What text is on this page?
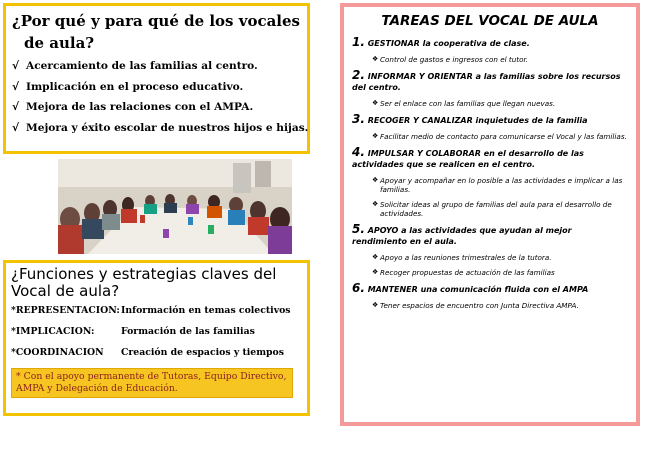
¿Por qué y para qué de los vocales
de aula?
√ Acercamiento de las familias al centro.
√ Implicación en el proceso educativo.
√ Mejora de las relaciones con el AMPA.
√ Mejora y éxito escolar de nuestros hijos e hijas.
¿Funciones y estrategias claves del
Vocal de aula?
*REPRESENTACION: Información en temas colectivos
*IMPLICACION:	Formación de las familias
*COORDINACION	Creación de espacios y tiempos
* Con el apoyo permanente de Tutoras, Equipo Directivo, AMPA y Delegación de Educación.
TAREAS DEL VOCAL DE AULA
1. GESTIONAR la cooperativa de clase.
❖ Control de gastos e ingresos con el tutor.
2. INFORMAR Y ORIENTAR a las familias sobre los recursos del centro.
❖ Ser el enlace con las familias que llegan nuevas.
3. RECOGER Y CANALIZAR inquietudes de la familia
❖ Facilitar medio de contacto para comunicarse el Vocal y las familias.
4. IMPULSAR Y COLABORAR en el desarrollo de las actividades que se realicen en el centro.
❖ Apoyar y acompañar en lo posible a las actividades e implicar a las familias.
❖ Solicitar ideas al grupo de familias del aula para el desarrollo de actividades.
5. APOYO a las actividades que ayudan al mejor rendimiento en el aula.
❖ Apoyo a las reuniones trimestrales de la tutora.
❖ Recoger propuestas de actuación de las familias
6. MANTENER una comunicación fluida con el AMPA
❖ Tener espacios de encuentro con Junta Directiva AMPA.
